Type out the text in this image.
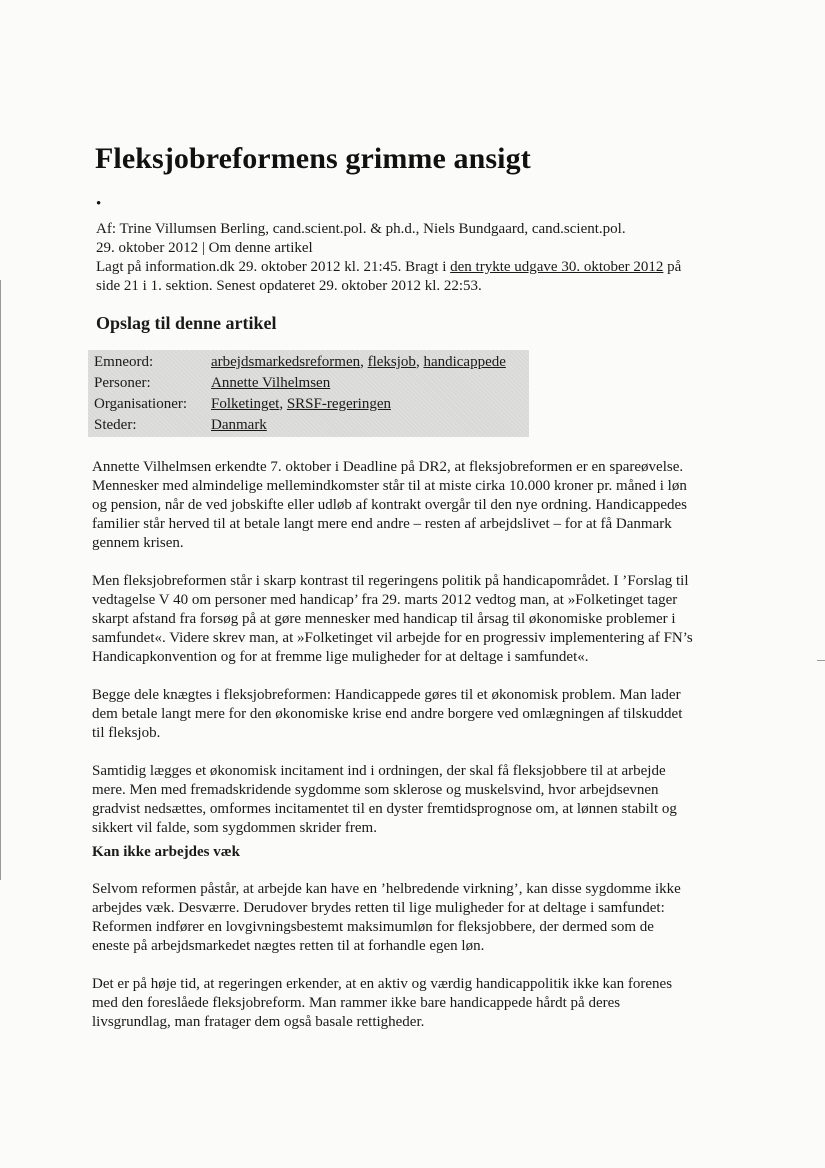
Fleksjobreformens grimme ansigt
•

Af: Trine Villumsen Berling, cand.scient.pol. & ph.d., Niels Bundgaard, cand.scient.pol.

29. oktober 2012 | Om denne artikel

Lagt på information.dk 29. oktober 2012 kl. 21:45. Bragt i den trykte udgave 30. oktober 2012 på

side 21 i 1. sektion. Senest opdateret 29. oktober 2012 kl. 22:53.

Opslag til denne artikel
Emneord:	arbejdsmarkedsreformen, fleksjob, handicappede
Personer:	Annette Vilhelmsen
Organisationer: Folketinget, SRSF-regeringen
Steder:	Danmark

Annette Vilhelmsen erkendte 7. oktober i Deadline på DR2, at fleksjobreformen er en spareøvelse.

Mennesker med almindelige mellemindkomster står til at miste cirka 10.000 kroner pr. måned i løn

og pension, når de ved jobskifte eller udløb af kontrakt overgår til den nye ordning. Handicappedes

familier står herved til at betale langt mere end andre – resten af arbejdslivet – for at få Danmark

gennem krisen.

Men fleksjobreformen står i skarp kontrast til regeringens politik på handicapområdet. I ’Forslag til

vedtagelse V 40 om personer med handicap’ fra 29. marts 2012 vedtog man, at »Folketinget tager

skarpt afstand fra forsøg på at gøre mennesker med handicap til årsag til økonomiske problemer i

samfundet«. Videre skrev man, at »Folketinget vil arbejde for en progressiv implementering af FN’s

Handicapkonvention og for at fremme lige muligheder for at deltage i samfundet«.

Begge dele knægtes i fleksjobreformen: Handicappede gøres til et økonomisk problem. Man lader

dem betale langt mere for den økonomiske krise end andre borgere ved omlægningen af tilskuddet

til fleksjob.

Samtidig lægges et økonomisk incitament ind i ordningen, der skal få fleksjobbere til at arbejde

mere. Men med fremadskridende sygdomme som sklerose og muskelsvind, hvor arbejdsevnen

gradvist nedsættes, omformes incitamentet til en dyster fremtidsprognose om, at lønnen stabilt og

sikkert vil falde, som sygdommen skrider frem.

Kan ikke arbejdes væk

Selvom reformen påstår, at arbejde kan have en ’helbredende virkning’, kan disse sygdomme ikke

arbejdes væk. Desværre. Derudover brydes retten til lige muligheder for at deltage i samfundet:

Reformen indfører en lovgivningsbestemt maksimumløn for fleksjobbere, der dermed som de

eneste på arbejdsmarkedet nægtes retten til at forhandle egen løn.

Det er på høje tid, at regeringen erkender, at en aktiv og værdig handicappolitik ikke kan forenes

med den foreslåede fleksjobreform. Man rammer ikke bare handicappede hårdt på deres

livsgrundlag, man fratager dem også basale rettigheder.
